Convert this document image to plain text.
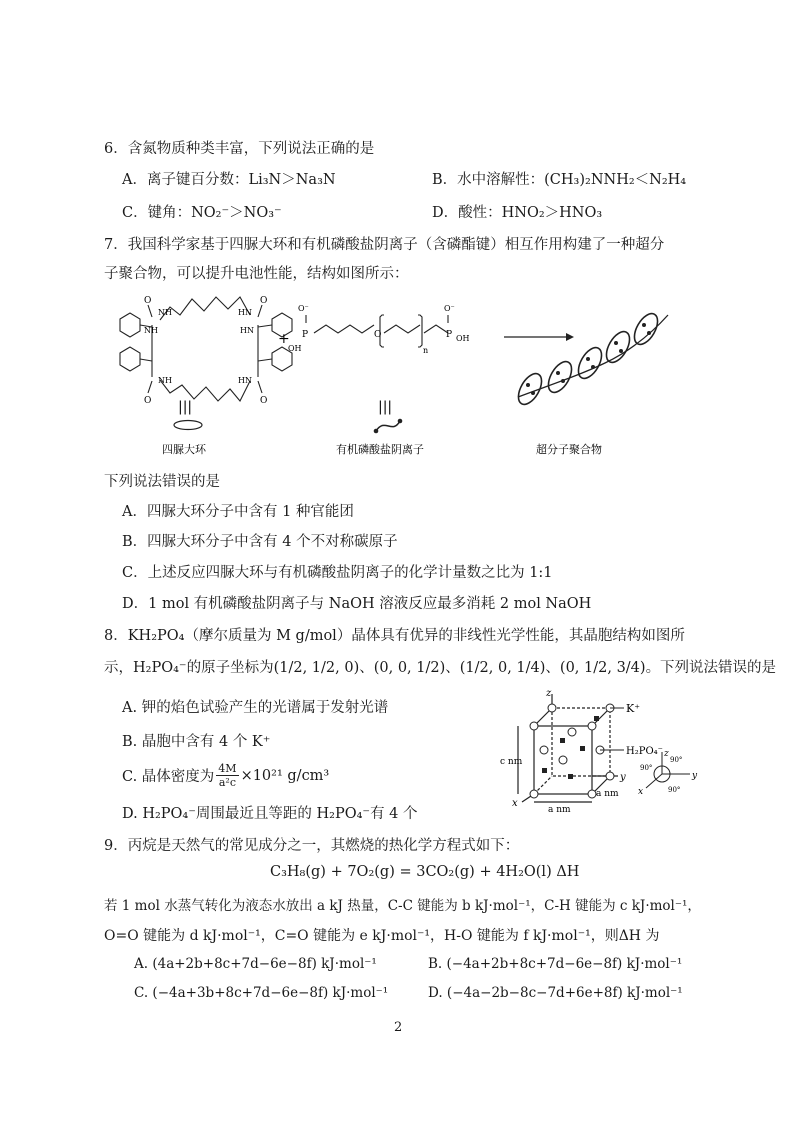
6．含氮物质种类丰富，下列说法正确的是
A．离子键百分数：Li₃N＞Na₃N	B．水中溶解性：(CH₃)₂NNH₂＜N₂H₄
C．键角：NO₂⁻＞NO₃⁻	D．酸性：HNO₂＞HNO₃
7．我国科学家基于四脲大环和有机磷酸盐阴离子（含磷酯键）相互作用构建了一种超分
子聚合物，可以提升电池性能，结构如图所示：
O
NH
NH
O
HN
HN
O
NH
O
HN
|||
四脲大环
+
O⁻
P
OH
O
n
O⁻
P OH
|||
有机磷酸盐阴离子	超分子聚合物
下列说法错误的是
A．四脲大环分子中含有 1 种官能团
B．四脲大环分子中含有 4 个不对称碳原子
C．上述反应四脲大环与有机磷酸盐阴离子的化学计量数之比为 1:1
D．1 mol 有机磷酸盐阴离子与 NaOH 溶液反应最多消耗 2 mol NaOH
8．KH₂PO₄（摩尔质量为 M g/mol）晶体具有优异的非线性光学性能，其晶胞结构如图所
示，H₂PO₄⁻的原子坐标为(1/2, 1/2, 0)、(0, 0, 1/2)、(1/2, 0, 1/4)、(0, 1/2, 3/4)。下列说法错误的是
A. 钾的焰色试验产生的光谱属于发射光谱
B. 晶胞中含有 4 个 K⁺
C. 晶体密度为 $\frac{4M}{\text{a²c}} \times 10^{21}$ g/cm³
D. H₂PO₄⁻周围最近且等距的 H₂PO₄⁻有 4 个
K⁺
H₂PO₄⁻
c nm
a nm
a nm
z
y
x
z
y
x
90°
90°
90°
9．丙烷是天然气的常见成分之一，其燃烧的热化学方程式如下：
C₃H₈(g) + 7O₂(g) = 3CO₂(g) + 4H₂O(l) ΔH
若 1 mol 水蒸气转化为液态水放出 a kJ 热量，C-C 键能为 b kJ·mol⁻¹，C-H 键能为 c kJ·mol⁻¹，
O=O 键能为 d kJ·mol⁻¹，C=O 键能为 e kJ·mol⁻¹，H-O 键能为 f kJ·mol⁻¹，则ΔH 为
A. (4a+2b+8c+7d−6e−8f) kJ·mol⁻¹	B. (−4a+2b+8c+7d−6e−8f) kJ·mol⁻¹
C. (−4a+3b+8c+7d−6e−8f) kJ·mol⁻¹	D. (−4a−2b−8c−7d+6e+8f) kJ·mol⁻¹
2
